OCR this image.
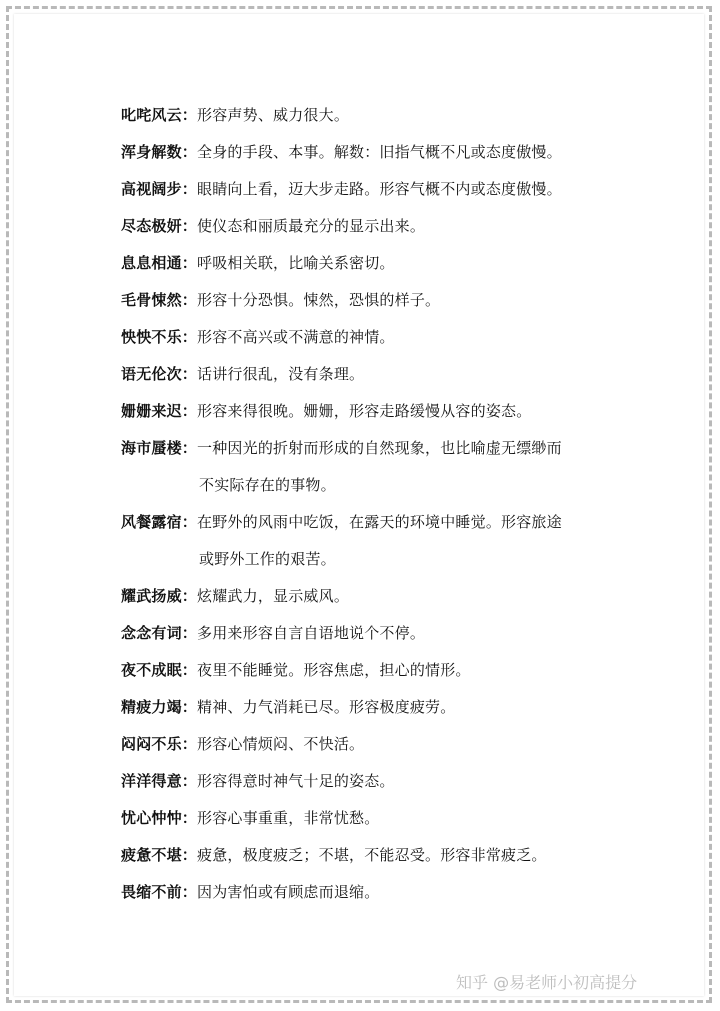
叱咤风云：形容声势、威力很大。
浑身解数：全身的手段、本事。解数：旧指气概不凡或态度傲慢。
高视阔步：眼睛向上看，迈大步走路。形容气概不内或态度傲慢。
尽态极妍：使仪态和丽质最充分的显示出来。
息息相通：呼吸相关联，比喻关系密切。
毛骨悚然：形容十分恐惧。悚然，恐惧的样子。
怏怏不乐：形容不高兴或不满意的神情。
语无伦次：话讲行很乱，没有条理。
姗姗来迟：形容来得很晚。姗姗，形容走路缓慢从容的姿态。
海市蜃楼：一种因光的折射而形成的自然现象，也比喻虚无缥缈而
不实际存在的事物。
风餐露宿：在野外的风雨中吃饭，在露天的环境中睡觉。形容旅途
或野外工作的艰苦。
耀武扬威：炫耀武力，显示威风。
念念有词：多用来形容自言自语地说个不停。
夜不成眠：夜里不能睡觉。形容焦虑，担心的情形。
精疲力竭：精神、力气消耗已尽。形容极度疲劳。
闷闷不乐：形容心情烦闷、不快活。
洋洋得意：形容得意时神气十足的姿态。
忧心忡忡：形容心事重重，非常忧愁。
疲惫不堪：疲惫，极度疲乏；不堪，不能忍受。形容非常疲乏。
畏缩不前：因为害怕或有顾虑而退缩。
知乎 @易老师小初高提分
